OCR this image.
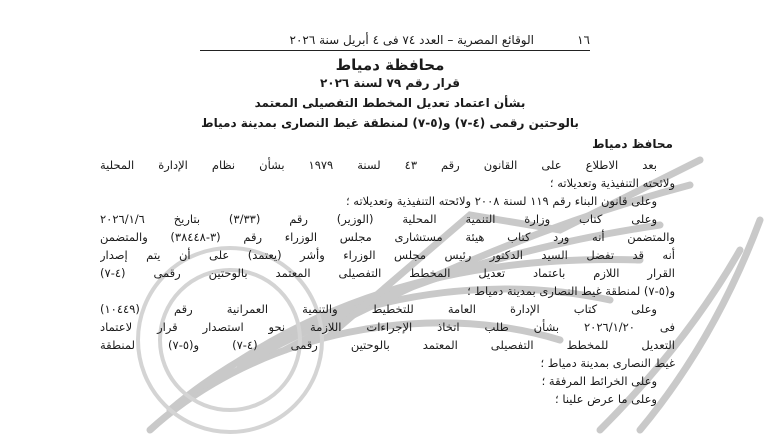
الوقائع المصرية – العدد ٧٤ فى ٤ أبريل سنة ٢٠٢٦	١٦
محافظة دمياط
قرار رقم ٧٩ لسنة ٢٠٢٦
بشأن اعتماد تعديل المخطط التفصيلى المعتمد
بالوحتين رقمى (٤-٧) و(٥-٧) لمنطقة غيط النصارى بمدينة دمياط
محافظ دمياط
بعد الاطلاع على القانون رقم ٤٣ لسنة ١٩٧٩ بشأن نظام الإدارة المحلية
ولائحته التنفيذية وتعديلاته ؛
وعلى قانون البناء رقم ١١٩ لسنة ٢٠٠٨ ولائحته التنفيذية وتعديلاته ؛
وعلى كتاب وزارة التنمية المحلية (الوزير) رقم (٣/٣٣) بتاريخ ٢٠٢٦/١/٦
والمتضمن أنه ورد كتاب هيئة مستشارى مجلس الوزراء رقم (٣-٣٨٤٤٨) والمتضمن
أنه قد تفضل السيد الدكتور رئيس مجلس الوزراء وأشر (يعتمد) على أن يتم إصدار
القرار اللازم باعتماد تعديل المخطط التفصيلى المعتمد بالوحتين رقمى (٤-٧)
و(٥-٧) لمنطقة غيط النصارى بمدينة دمياط ؛
وعلى كتاب الإدارة العامة للتخطيط والتنمية العمرانية رقم (١٠٤٤٩)
فى ٢٠٢٦/١/٢٠ بشأن طلب اتخاذ الإجراءات اللازمة نحو استصدار قرار لاعتماد
التعديل للمخطط التفصيلى المعتمد بالوحتين رقمى (٤-٧) و(٥-٧) لمنطقة
غيط النصارى بمدينة دمياط ؛
وعلى الخرائط المرفقة ؛
وعلى ما عرض علينا ؛
